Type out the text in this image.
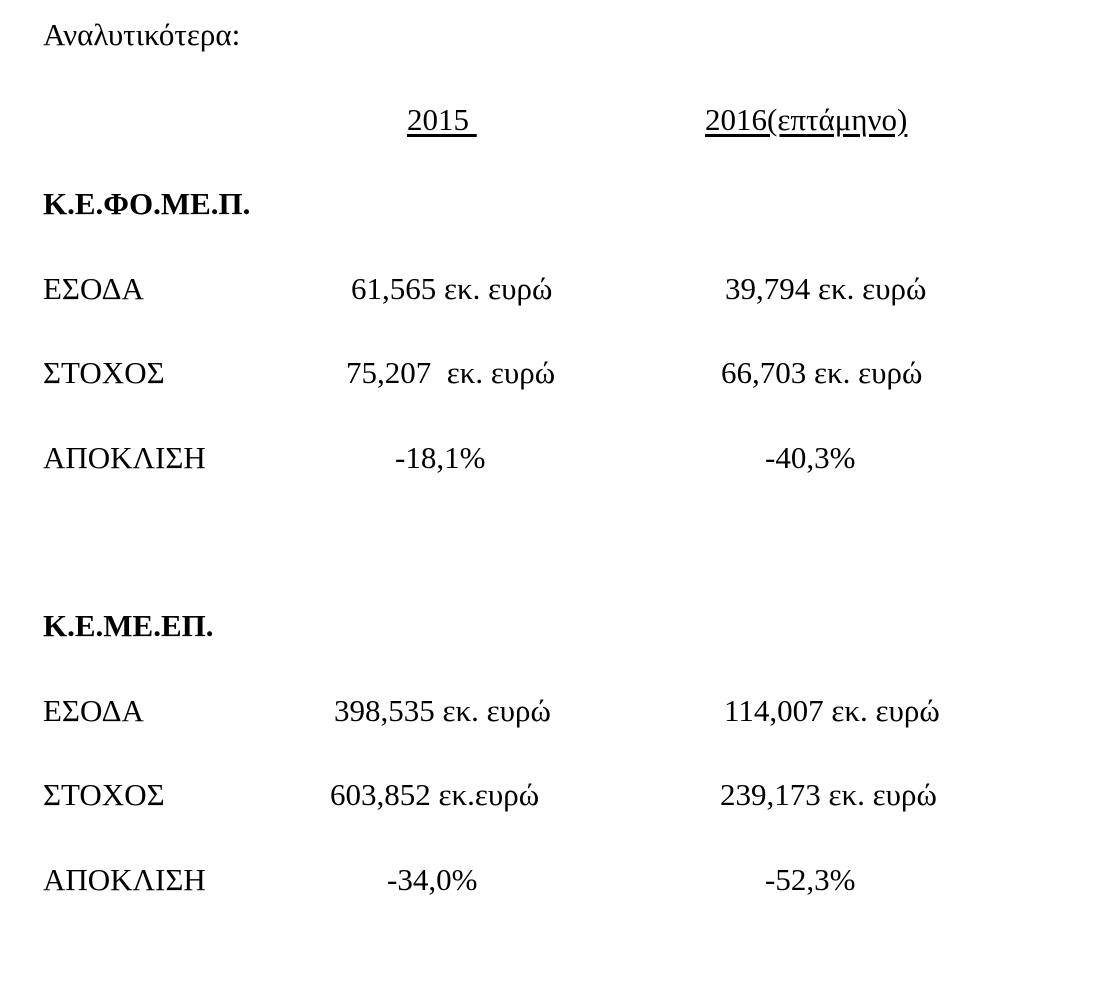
Αναλυτικότερα:
2015	2016(επτάμηνο)
Κ.Ε.ΦΟ.ΜΕ.Π.
ΕΣΟΔΑ	61,565 εκ. ευρώ	39,794 εκ. ευρώ
ΣΤΟΧΟΣ	75,207  εκ. ευρώ	66,703 εκ. ευρώ
ΑΠΟΚΛΙΣΗ	-18,1%	-40,3%
Κ.Ε.ΜΕ.ΕΠ.
ΕΣΟΔΑ	398,535 εκ. ευρώ	114,007 εκ. ευρώ
ΣΤΟΧΟΣ	603,852 εκ.ευρώ	239,173 εκ. ευρώ
ΑΠΟΚΛΙΣΗ	-34,0%	-52,3%
